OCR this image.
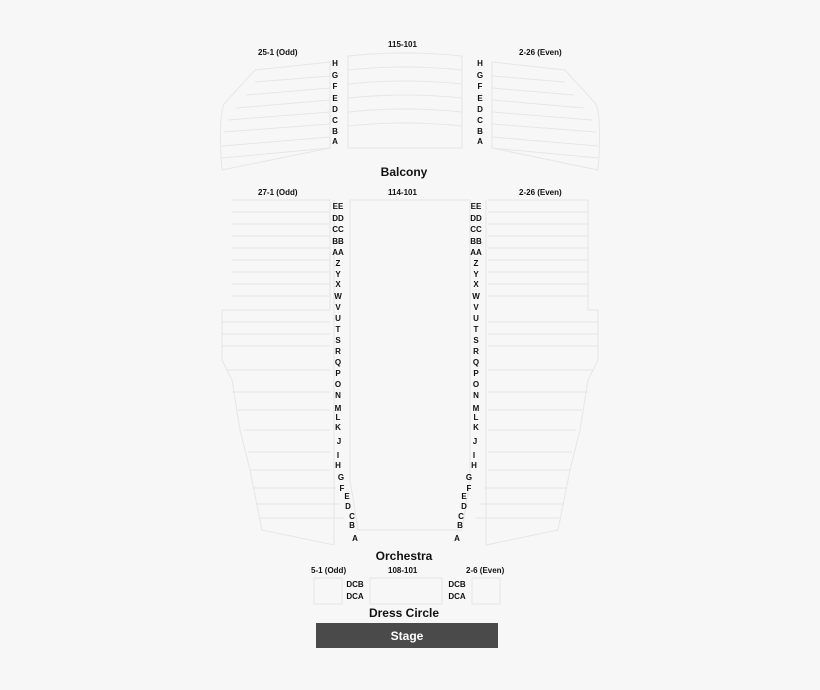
25-1 (Odd)
115-101
2-26 (Even)
H
G
F
E
D
C
B
A
H
G
F
E
D
C
B
A
Balcony
27-1 (Odd)	114-101	2-26 (Even)
EE
DD
CC
BB
AA
Z
Y
X
W
V
U
T
S
R
Q
P
O
N
M
L
K
J
I
H
G
F
E
D
C
B
A
EE
DD
CC
BB
AA
Z
Y
X
W
V
U
T
S
R
Q
P
O
N
M
L
K
J
I
H
G
F
E
D
C
B
A
Orchestra
5-1 (Odd)	108-101	2-6 (Even)
DCB
DCA
DCB
DCA
Dress Circle
Stage
